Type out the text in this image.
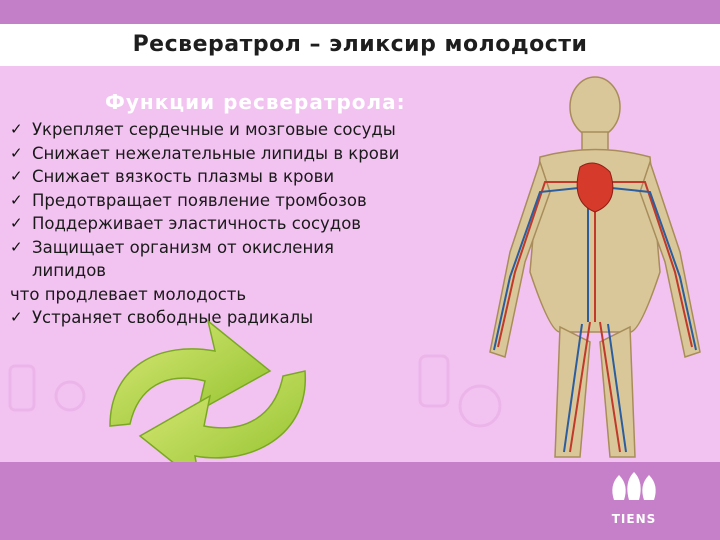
Ресвератрол – эликсир молодости
Функции ресвератрола:
✓ Укрепляет сердечные и мозговые сосуды
✓ Снижает нежелательные липиды в крови
✓ Снижает вязкость плазмы в крови
✓ Предотвращает появление тромбозов
✓ Поддерживает эластичность сосудов
✓ Защищает организм от окисления
липидов
что продлевает молодость
✓ Устраняет свободные радикалы
TIENS
